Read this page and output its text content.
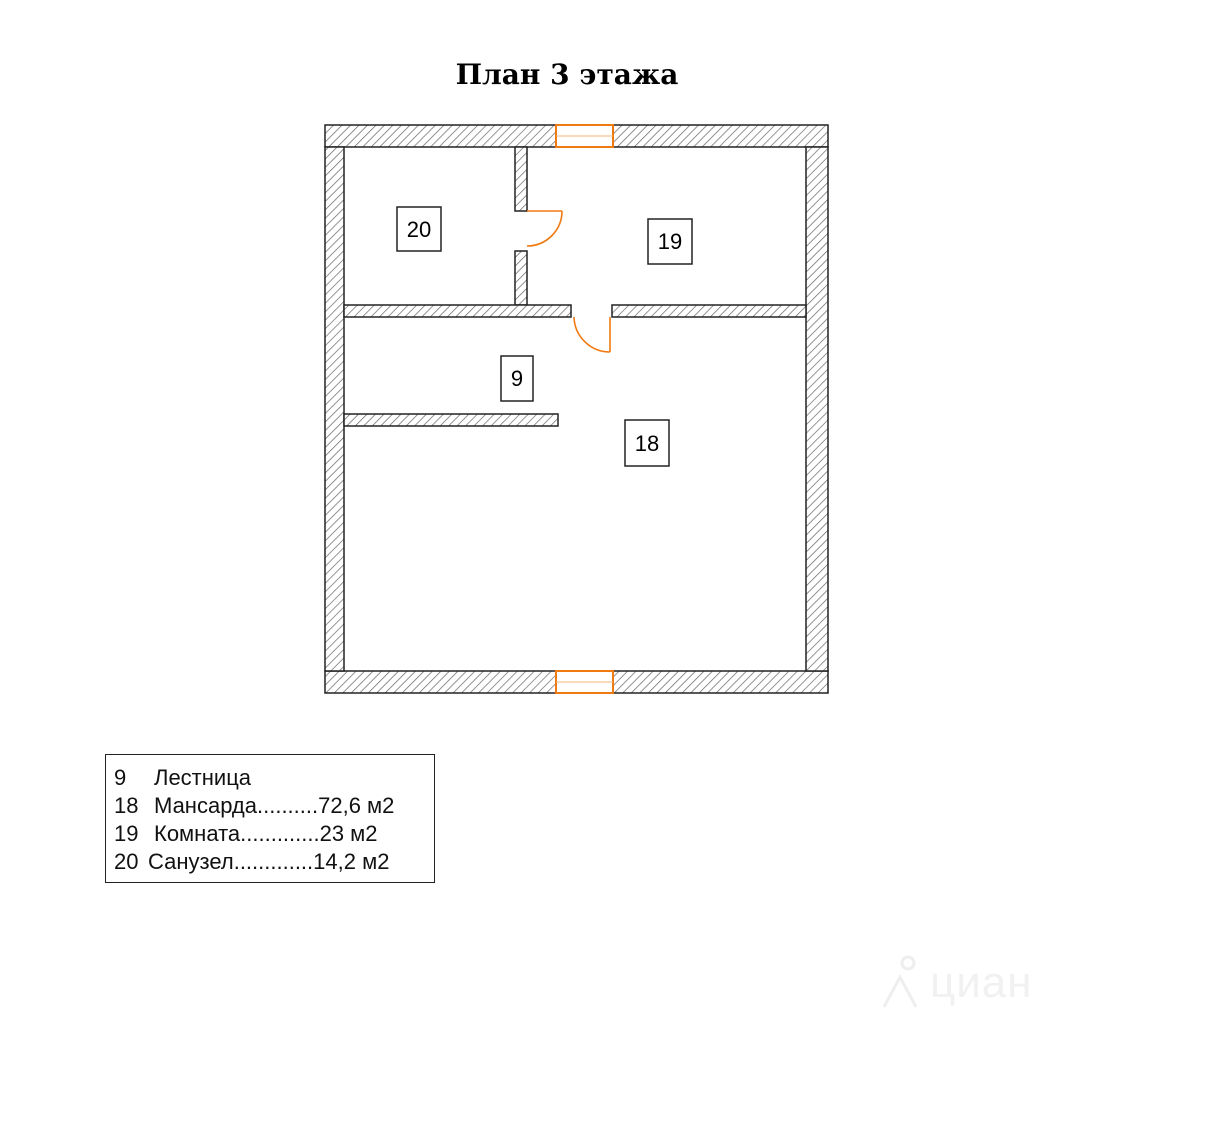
План 3 этажа
20	19
9
18
9 Лестница
18 Мансарда..........72,6 м2
19 Комната.............23 м2
20 Санузел.............14,2 м2
циан
